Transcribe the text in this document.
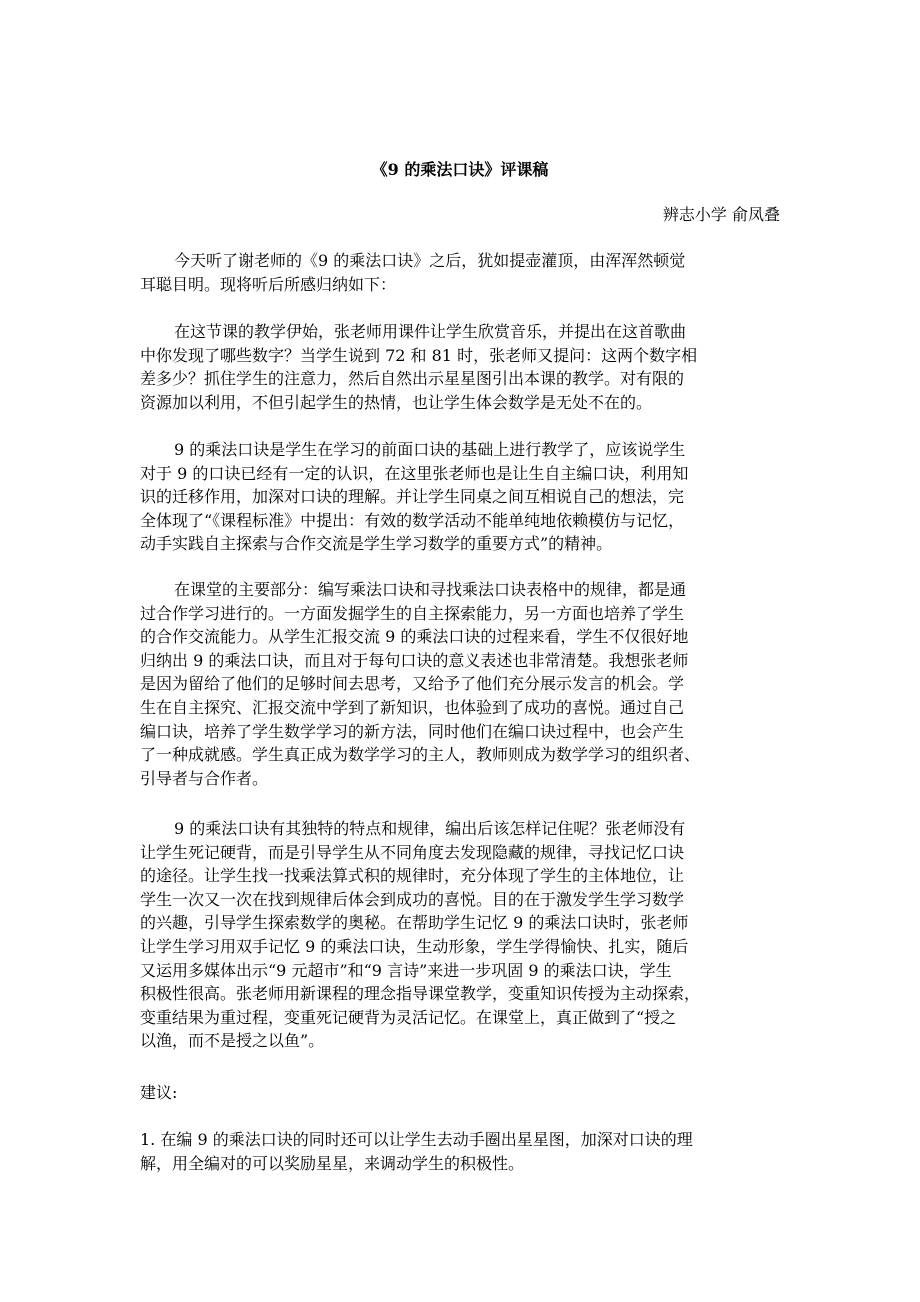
《9 的乘法口诀》评课稿
辨志小学 俞凤叠
今天听了谢老师的《9 的乘法口诀》之后，犹如提壶灌顶，由浑浑然顿觉
耳聪目明。现将听后所感归纳如下：
在这节课的教学伊始，张老师用课件让学生欣赏音乐，并提出在这首歌曲
中你发现了哪些数字？当学生说到 72 和 81 时，张老师又提问：这两个数字相
差多少？抓住学生的注意力，然后自然出示星星图引出本课的教学。对有限的
资源加以利用，不但引起学生的热情，也让学生体会数学是无处不在的。
9 的乘法口诀是学生在学习的前面口诀的基础上进行教学了，应该说学生
对于 9 的口诀已经有一定的认识，在这里张老师也是让生自主编口诀，利用知
识的迁移作用，加深对口诀的理解。并让学生同桌之间互相说自己的想法，完
全体现了“《课程标准》中提出：有效的数学活动不能单纯地依赖模仿与记忆，
动手实践自主探索与合作交流是学生学习数学的重要方式”的精神。
在课堂的主要部分：编写乘法口诀和寻找乘法口诀表格中的规律，都是通
过合作学习进行的。一方面发掘学生的自主探索能力，另一方面也培养了学生
的合作交流能力。从学生汇报交流 9 的乘法口诀的过程来看，学生不仅很好地
归纳出 9 的乘法口诀，而且对于每句口诀的意义表述也非常清楚。我想张老师
是因为留给了他们的足够时间去思考，又给予了他们充分展示发言的机会。学
生在自主探究、汇报交流中学到了新知识，也体验到了成功的喜悦。通过自己
编口诀，培养了学生数学学习的新方法，同时他们在编口诀过程中，也会产生
了一种成就感。学生真正成为数学学习的主人，教师则成为数学学习的组织者、
引导者与合作者。
9 的乘法口诀有其独特的特点和规律，编出后该怎样记住呢？张老师没有
让学生死记硬背，而是引导学生从不同角度去发现隐藏的规律，寻找记忆口诀
的途径。让学生找一找乘法算式积的规律时，充分体现了学生的主体地位，让
学生一次又一次在找到规律后体会到成功的喜悦。目的在于激发学生学习数学
的兴趣，引导学生探索数学的奥秘。在帮助学生记忆 9 的乘法口诀时，张老师
让学生学习用双手记忆 9 的乘法口诀，生动形象，学生学得愉快、扎实，随后
又运用多媒体出示“9 元超市”和“9 言诗”来进一步巩固 9 的乘法口诀，学生
积极性很高。张老师用新课程的理念指导课堂教学，变重知识传授为主动探索，
变重结果为重过程，变重死记硬背为灵活记忆。在课堂上，真正做到了“授之
以渔，而不是授之以鱼”。
建议:
1. 在编 9 的乘法口诀的同时还可以让学生去动手圈出星星图，加深对口诀的理
解，用全编对的可以奖励星星，来调动学生的积极性。
